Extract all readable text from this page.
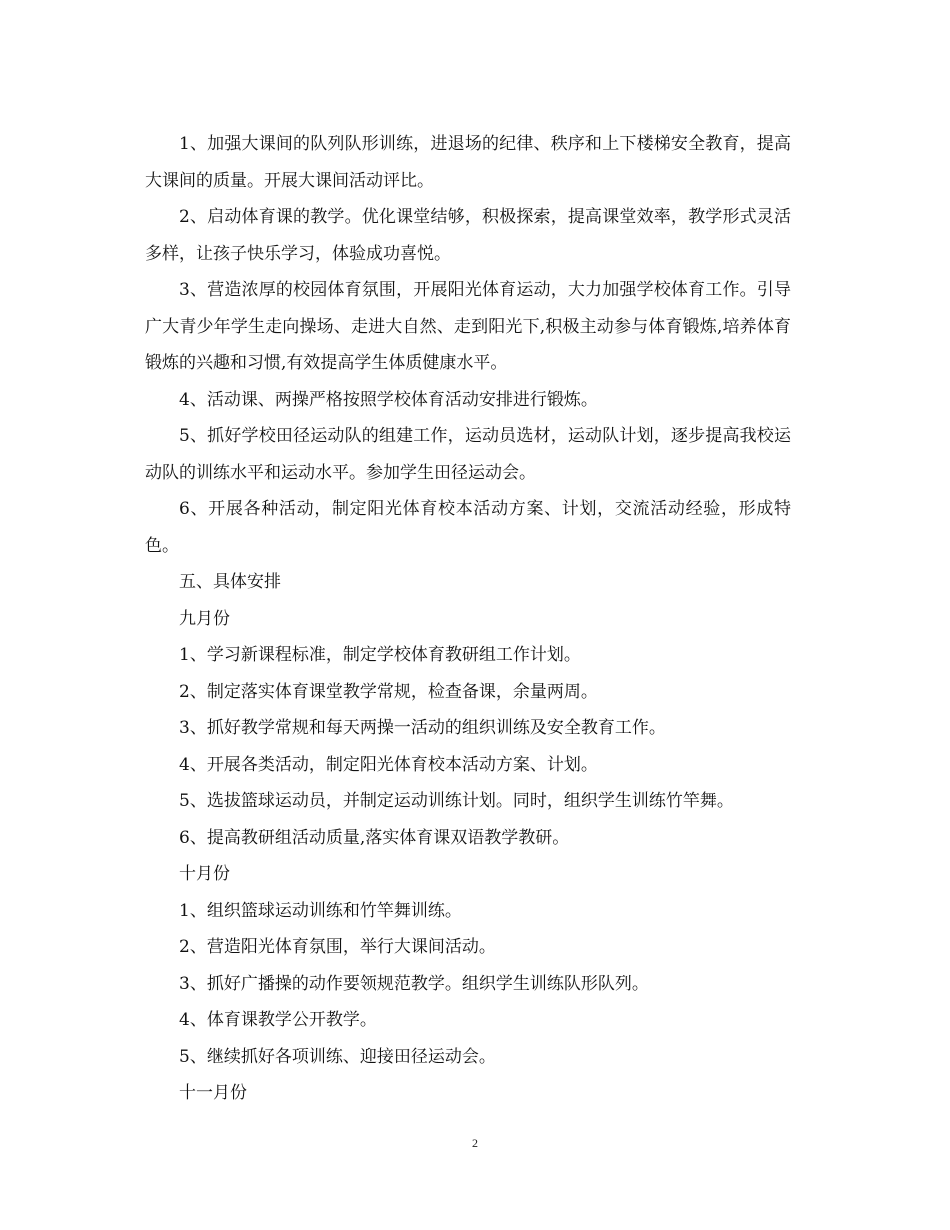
1、加强大课间的队列队形训练，进退场的纪律、秩序和上下楼梯安全教育，提高大课间的质量。开展大课间活动评比。

2、启动体育课的教学。优化课堂结够，积极探索，提高课堂效率，教学形式灵活多样，让孩子快乐学习，体验成功喜悦。

3、营造浓厚的校园体育氛围，开展阳光体育运动，大力加强学校体育工作。引导广大青少年学生走向操场、走进大自然、走到阳光下,积极主动参与体育锻炼,培养体育锻炼的兴趣和习惯,有效提高学生体质健康水平。

4、活动课、两操严格按照学校体育活动安排进行锻炼。

5、抓好学校田径运动队的组建工作，运动员选材，运动队计划，逐步提高我校运动队的训练水平和运动水平。参加学生田径运动会。

6、开展各种活动，制定阳光体育校本活动方案、计划，交流活动经验，形成特色。

五、具体安排

九月份

1、学习新课程标准，制定学校体育教研组工作计划。

2、制定落实体育课堂教学常规，检查备课，余量两周。

3、抓好教学常规和每天两操一活动的组织训练及安全教育工作。

4、开展各类活动，制定阳光体育校本活动方案、计划。

5、选拔篮球运动员，并制定运动训练计划。同时，组织学生训练竹竿舞。

6、提高教研组活动质量,落实体育课双语教学教研。

十月份

1、组织篮球运动训练和竹竿舞训练。

2、营造阳光体育氛围，举行大课间活动。

3、抓好广播操的动作要领规范教学。组织学生训练队形队列。

4、体育课教学公开教学。

5、继续抓好各项训练、迎接田径运动会。

十一月份

2
